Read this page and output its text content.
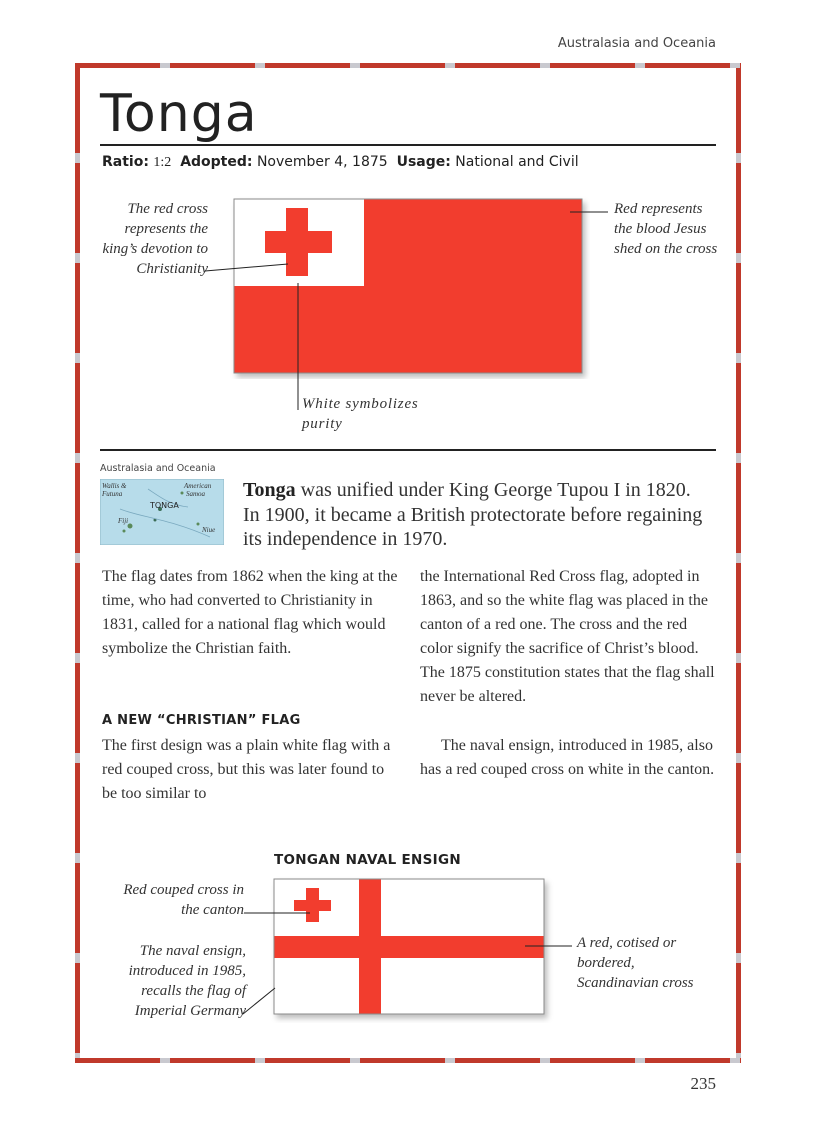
Australasia and Oceania
Tonga
Ratio: 1:2 Adopted: November 4, 1875 Usage: National and Civil
The red cross represents the king’s devotion to Christianity
Red represents the blood Jesus shed on the cross
White symbolizes purity
Australasia and Oceania
Wallis &
Futuna
American
Samoa
TONGA
Fiji
Niue
Tonga was unified under King George Tupou I in 1820. In 1900, it became a British protectorate before regaining its independence in 1970.
The flag dates from 1862 when the king at the time, who had converted to Christianity in 1831, called for a national flag which would symbolize the Christian faith.
A NEW “CHRISTIAN” FLAG
The first design was a plain white flag with a red couped cross, but this was later found to be too similar to
the International Red Cross flag, adopted in 1863, and so the white flag was placed in the canton of a red one. The cross and the red color signify the sacrifice of Christ’s blood. The 1875 constitution states that the flag shall never be altered.
The naval ensign, introduced in 1985, also has a red couped cross on white in the canton.
TONGAN NAVAL ENSIGN
Red couped cross in the canton
The naval ensign, introduced in 1985, recalls the flag of Imperial Germany
A red, cotised or bordered, Scandinavian cross
235
